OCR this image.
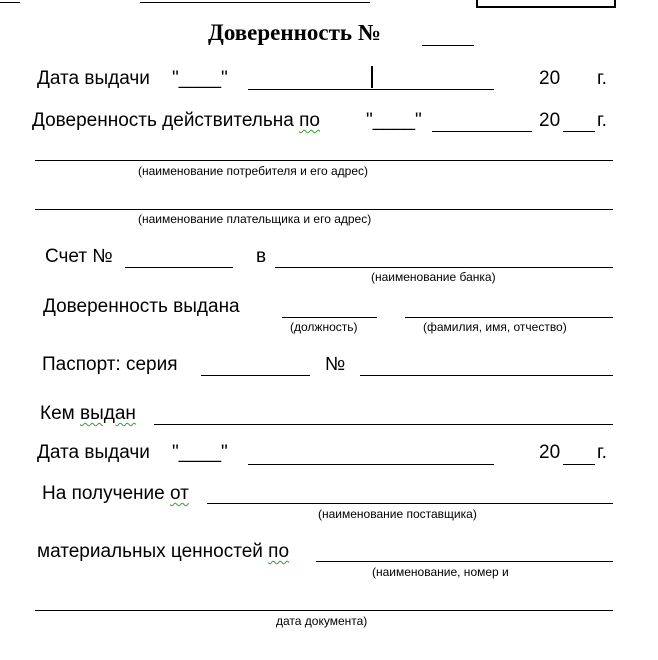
Доверенность №
Дата выдачи "____"	20 г.
Доверенность действительна по "____"	20 г.
(наименование потребителя и его адрес)
(наименование плательщика и его адрес)
Счет №	в
(наименование банка)
Доверенность выдана
(должность)	(фамилия, имя, отчество)
Паспорт: серия	№
Кем выдан
Дата выдачи "____"	20 г.
На получение от
(наименование поставщика)
материальных ценностей по
(наименование, номер и
дата документа)
